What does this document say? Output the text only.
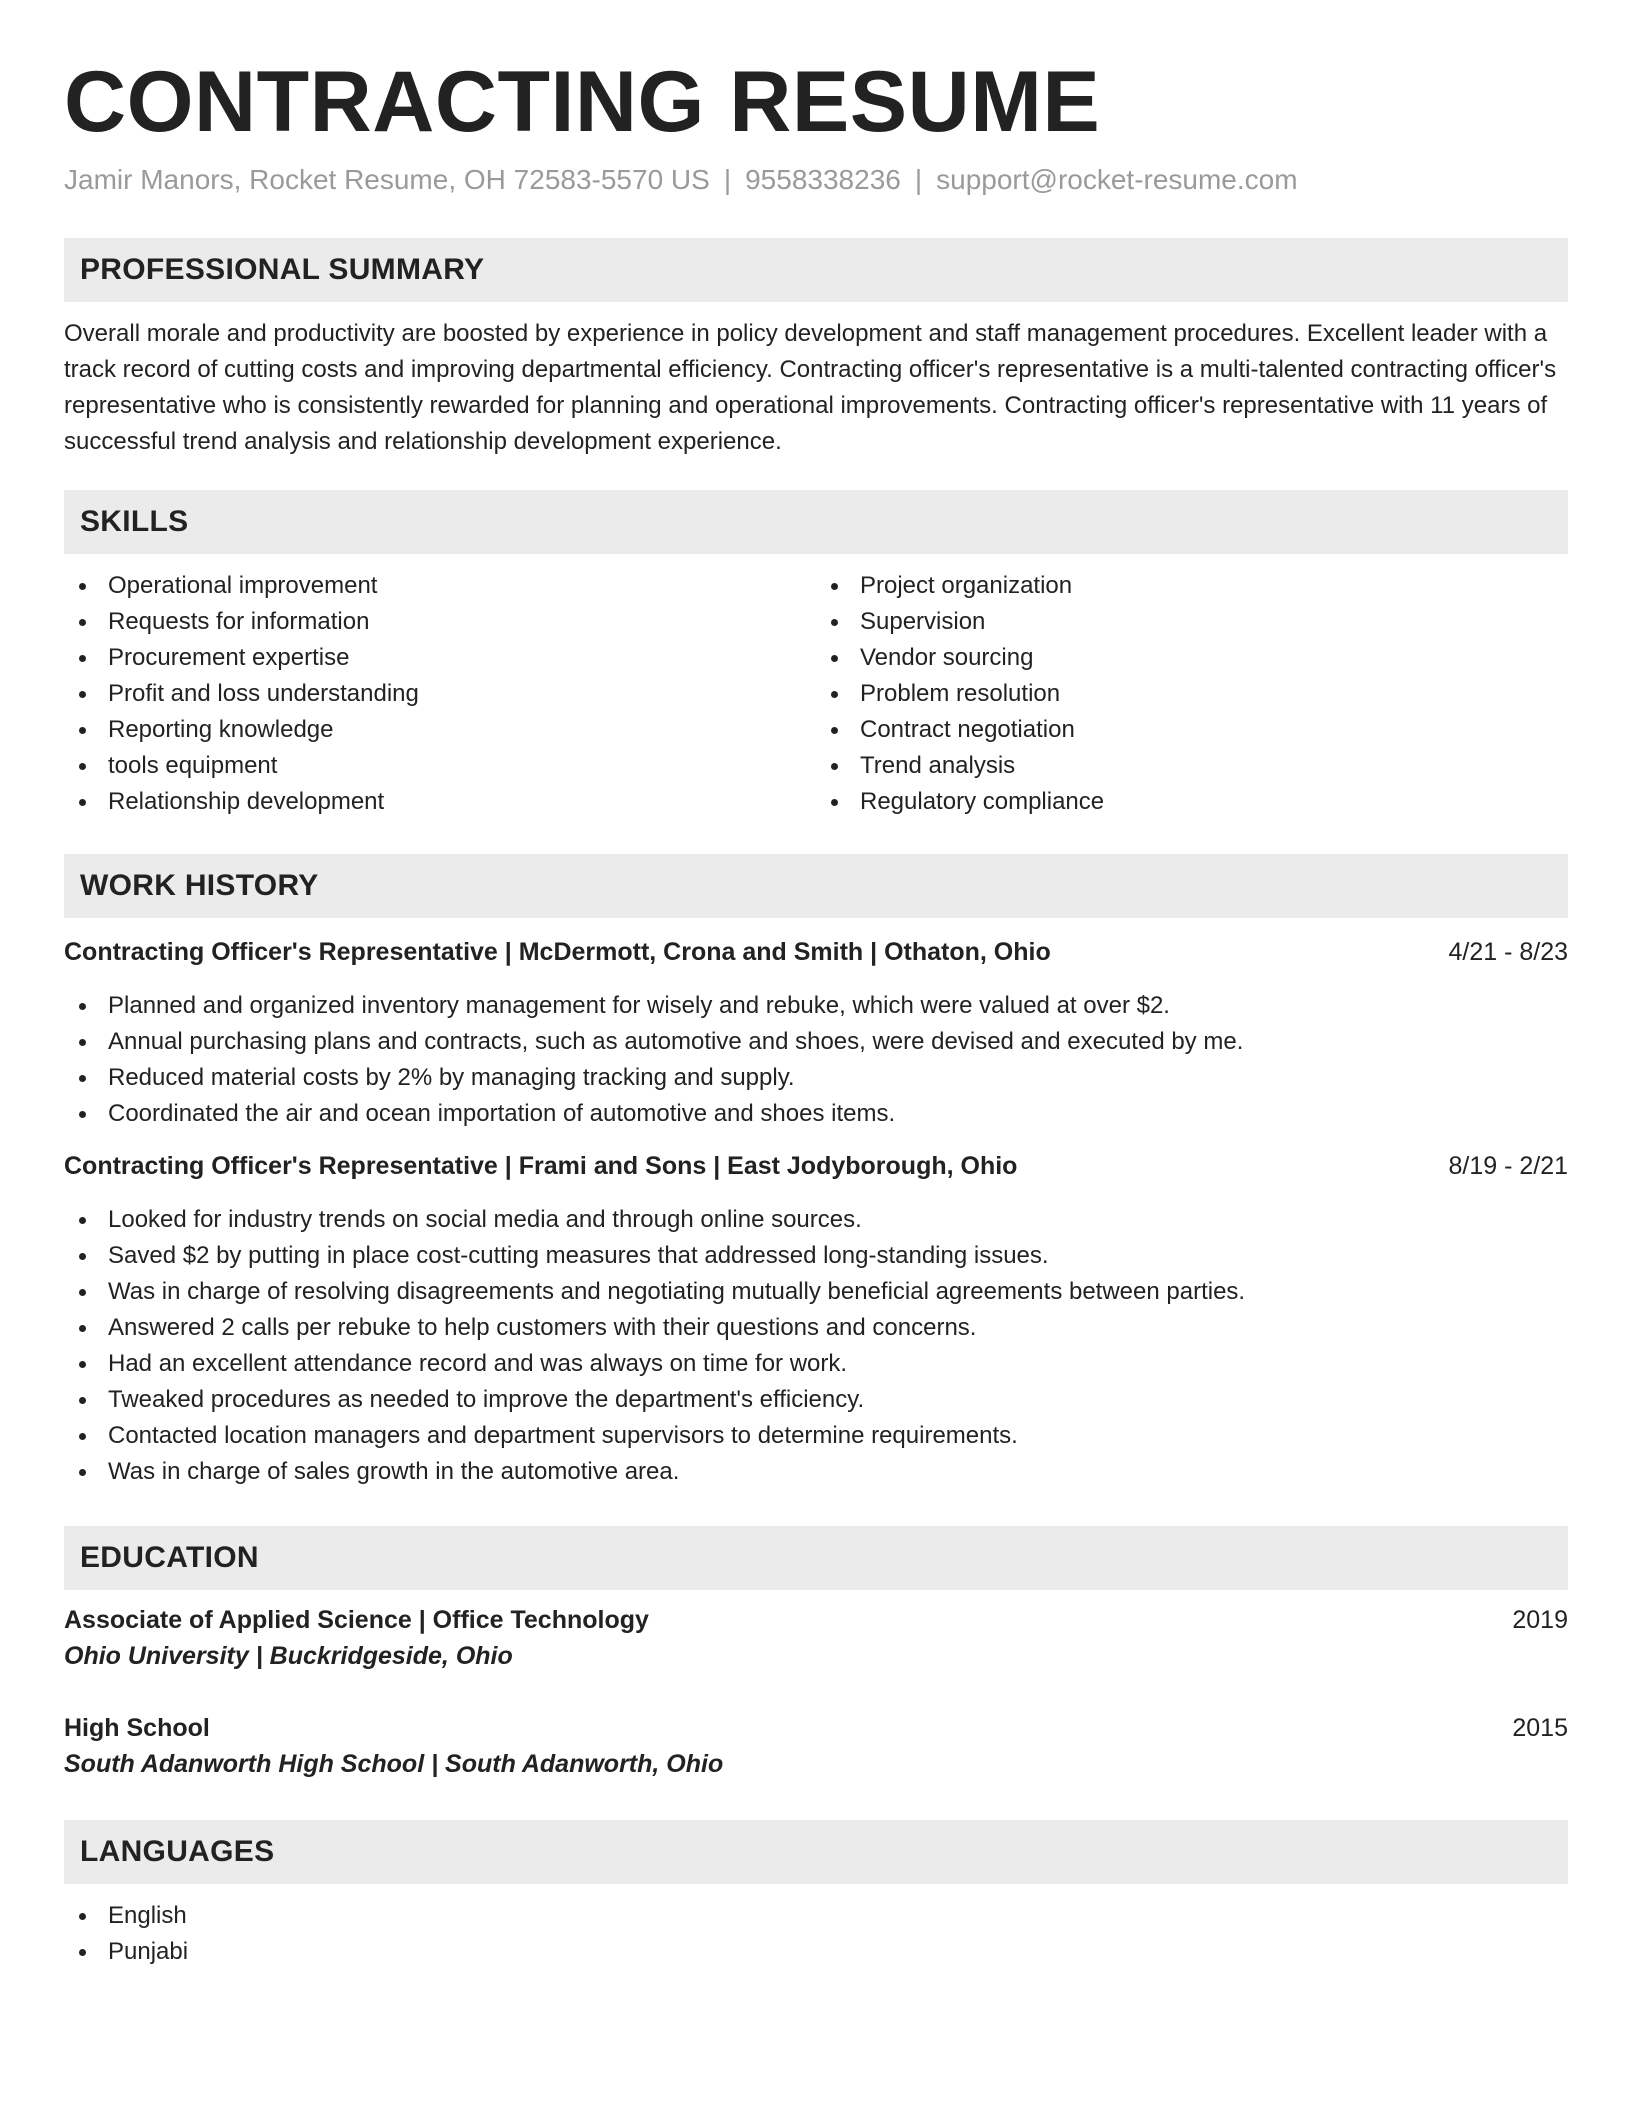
CONTRACTING RESUME
Jamir Manors, Rocket Resume, OH 72583-5570 US | 9558338236 | support@rocket-resume.com
PROFESSIONAL SUMMARY

Overall morale and productivity are boosted by experience in policy development and staff management procedures. Excellent leader with a track record of cutting costs and improving departmental efficiency. Contracting officer's representative is a multi-talented contracting officer's representative who is consistently rewarded for planning and operational improvements. Contracting officer's representative with 11 years of successful trend analysis and relationship development experience.

SKILLS
Operational improvement
Requests for information
Procurement expertise
Profit and loss understanding
Reporting knowledge
tools equipment
Relationship development
Project organization
Supervision
Vendor sourcing
Problem resolution
Contract negotiation
Trend analysis
Regulatory compliance
WORK HISTORY
Contracting Officer's Representative | McDermott, Crona and Smith | Othaton, Ohio	4/21 - 8/23
Planned and organized inventory management for wisely and rebuke, which were valued at over $2.
Annual purchasing plans and contracts, such as automotive and shoes, were devised and executed by me.
Reduced material costs by 2% by managing tracking and supply.
Coordinated the air and ocean importation of automotive and shoes items.
Contracting Officer's Representative | Frami and Sons | East Jodyborough, Ohio	8/19 - 2/21
Looked for industry trends on social media and through online sources.
Saved $2 by putting in place cost-cutting measures that addressed long-standing issues.
Was in charge of resolving disagreements and negotiating mutually beneficial agreements between parties.
Answered 2 calls per rebuke to help customers with their questions and concerns.
Had an excellent attendance record and was always on time for work.
Tweaked procedures as needed to improve the department's efficiency.
Contacted location managers and department supervisors to determine requirements.
Was in charge of sales growth in the automotive area.
EDUCATION
Associate of Applied Science | Office Technology	2019
Ohio University | Buckridgeside, Ohio
High School	2015
South Adanworth High School | South Adanworth, Ohio
LANGUAGES
English
Punjabi
